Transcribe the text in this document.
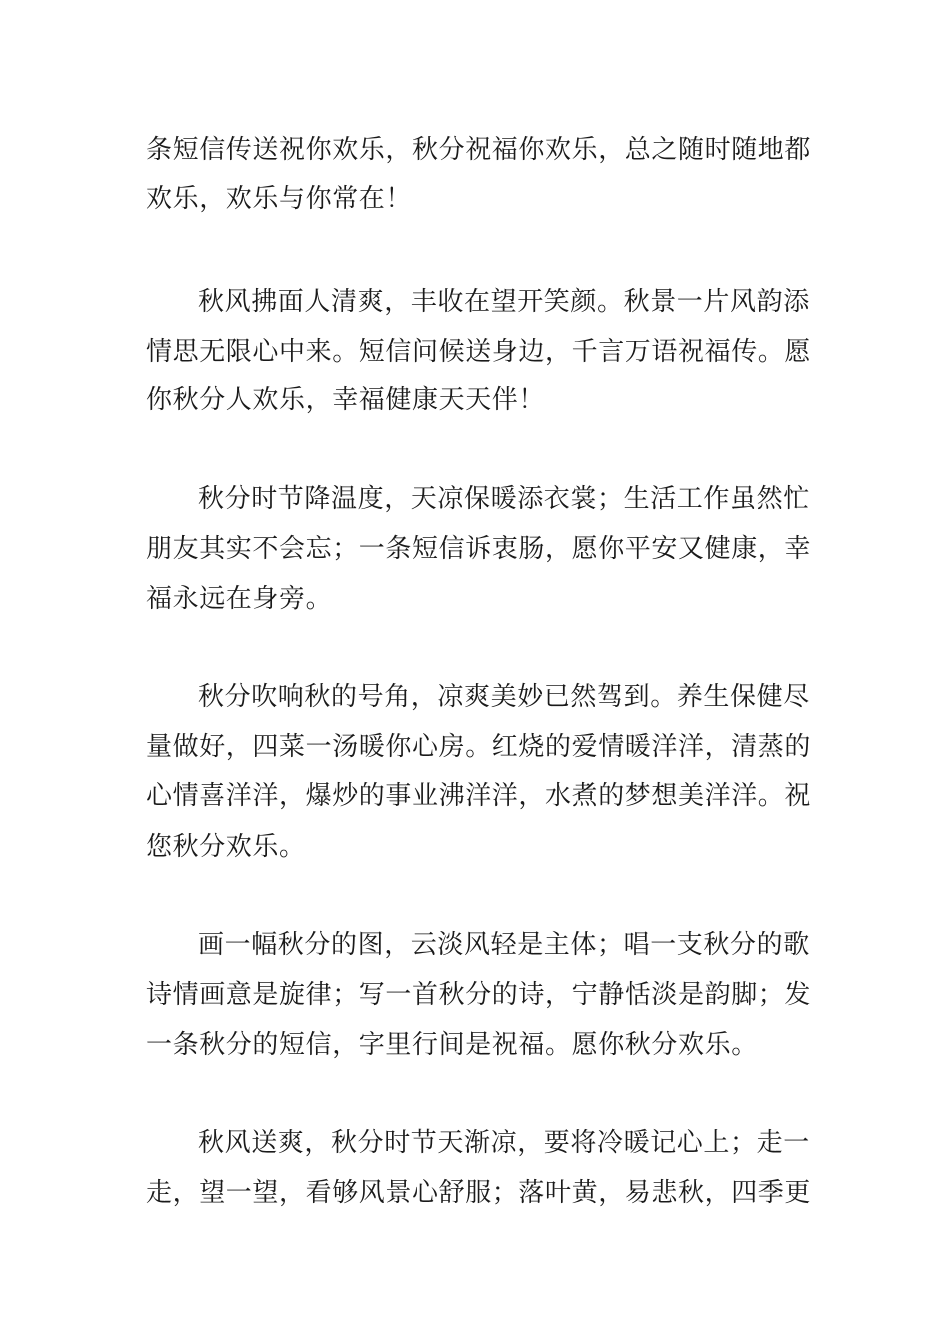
条短信传送祝你欢乐，秋分祝福你欢乐，总之随时随地都
欢乐，欢乐与你常在！
秋风拂面人清爽，丰收在望开笑颜。秋景一片风韵添
情思无限心中来。短信问候送身边，千言万语祝福传。愿
你秋分人欢乐，幸福健康天天伴！
秋分时节降温度，天凉保暖添衣裳；生活工作虽然忙
朋友其实不会忘；一条短信诉衷肠，愿你平安又健康，幸
福永远在身旁。
秋分吹响秋的号角，凉爽美妙已然驾到。养生保健尽
量做好，四菜一汤暖你心房。红烧的爱情暖洋洋，清蒸的
心情喜洋洋，爆炒的事业沸洋洋，水煮的梦想美洋洋。祝
您秋分欢乐。
画一幅秋分的图，云淡风轻是主体；唱一支秋分的歌
诗情画意是旋律；写一首秋分的诗，宁静恬淡是韵脚；发
一条秋分的短信，字里行间是祝福。愿你秋分欢乐。
秋风送爽，秋分时节天渐凉，要将冷暖记心上；走一
走，望一望，看够风景心舒服；落叶黄，易悲秋，四季更
